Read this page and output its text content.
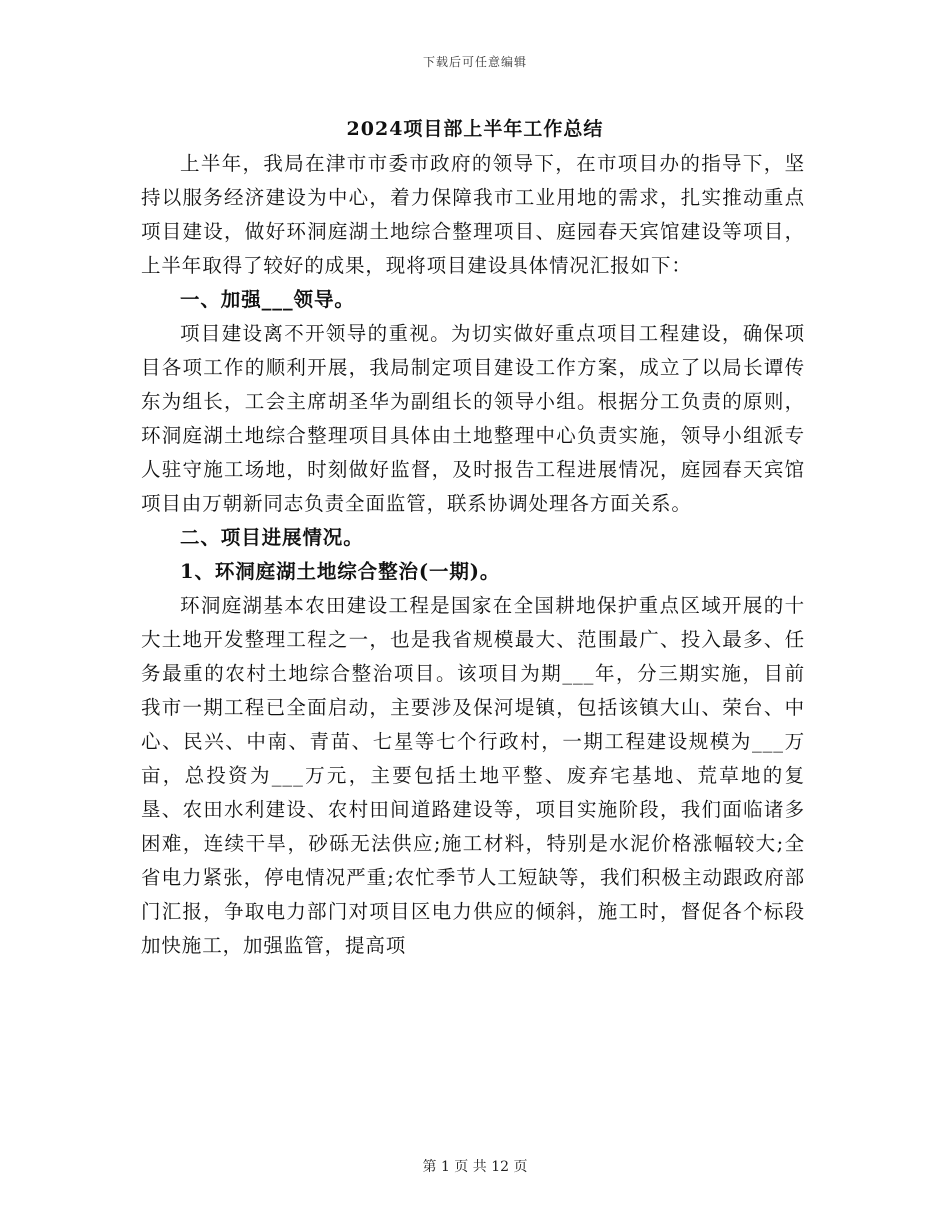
下载后可任意编辑
2024项目部上半年工作总结

上半年，我局在津市市委市政府的领导下，在市项目办的指导下，坚持以服务经济建设为中心，着力保障我市工业用地的需求，扎实推动重点项目建设，做好环洞庭湖土地综合整理项目、庭园春天宾馆建设等项目，上半年取得了较好的成果，现将项目建设具体情况汇报如下：

一、加强___领导。

项目建设离不开领导的重视。为切实做好重点项目工程建设，确保项目各项工作的顺利开展，我局制定项目建设工作方案，成立了以局长谭传东为组长，工会主席胡圣华为副组长的领导小组。根据分工负责的原则，环洞庭湖土地综合整理项目具体由土地整理中心负责实施，领导小组派专人驻守施工场地，时刻做好监督，及时报告工程进展情况，庭园春天宾馆项目由万朝新同志负责全面监管，联系协调处理各方面关系。

二、项目进展情况。

1、环洞庭湖土地综合整治(一期)。

环洞庭湖基本农田建设工程是国家在全国耕地保护重点区域开展的十大土地开发整理工程之一，也是我省规模最大、范围最广、投入最多、任务最重的农村土地综合整治项目。该项目为期___年，分三期实施，目前我市一期工程已全面启动，主要涉及保河堤镇，包括该镇大山、荣台、中心、民兴、中南、青苗、七星等七个行政村，一期工程建设规模为___万亩，总投资为___万元，主要包括土地平整、废弃宅基地、荒草地的复垦、农田水利建设、农村田间道路建设等，项目实施阶段，我们面临诸多困难，连续干旱，砂砾无法供应;施工材料，特别是水泥价格涨幅较大;全省电力紧张，停电情况严重;农忙季节人工短缺等，我们积极主动跟政府部门汇报，争取电力部门对项目区电力供应的倾斜，施工时，督促各个标段加快施工，加强监管，提高项

第 1 页 共 12 页
